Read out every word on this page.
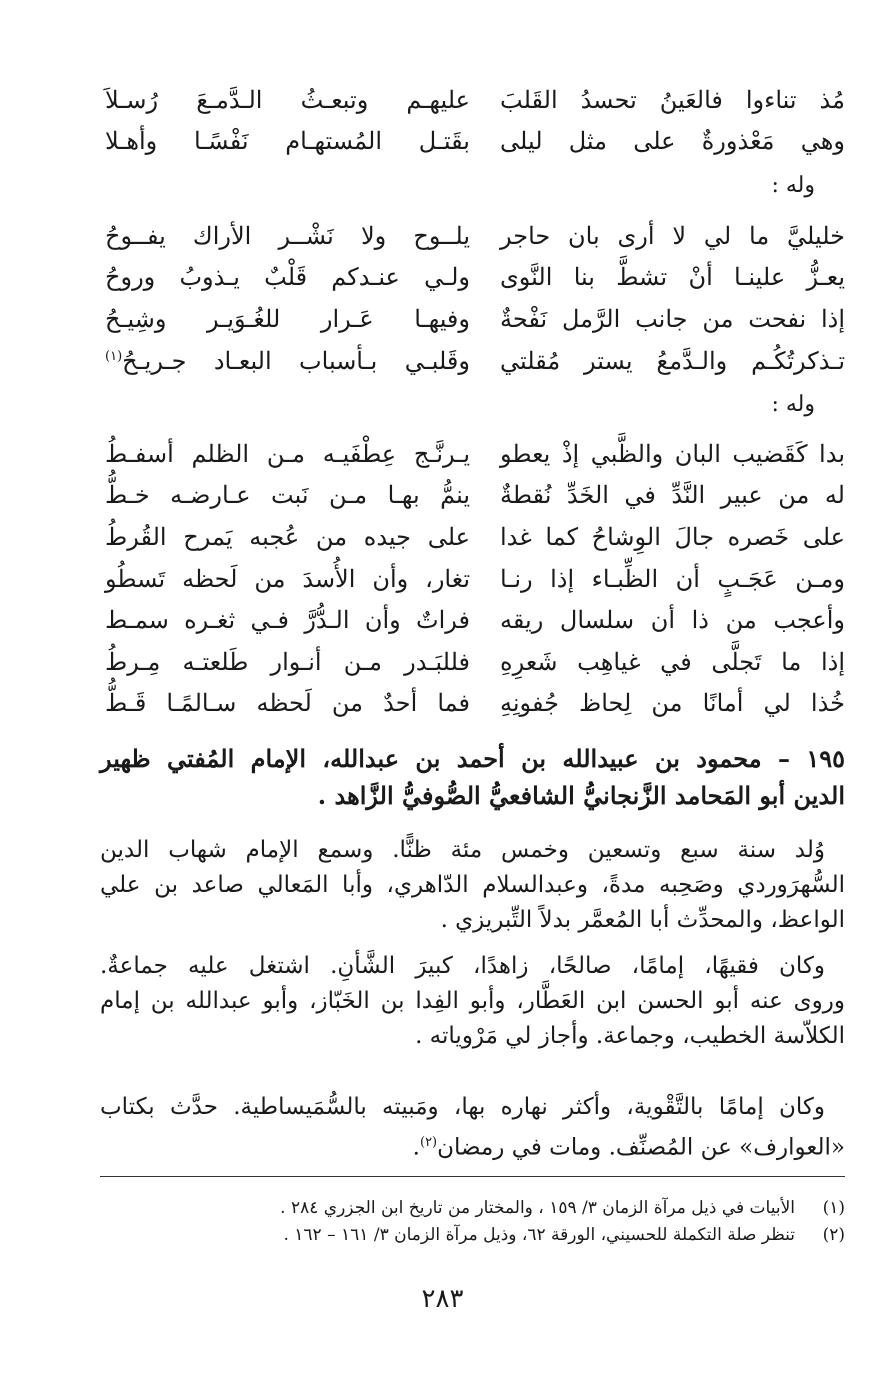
مُذ تناءوا فالعَينُ تحسدُ القَلبَ
عليهـم وتبعـثُ الـدَّمـعَ رُسـلاَ
وهي مَعْذورةٌ على مثل ليلى
بقَتـل المُستهـام نَفْسًـا وأهـلا
وله :
خليليَّ ما لي لا أرى بان حاجر
يلــوح ولا نَشْــر الأراك يفــوحُ
يعـزُّ علينـا أنْ تشطَّ بنا النَّوى
ولـي عنـدكم قَلْبٌ يـذوبُ وروحُ
إذا نفحت من جانب الرَّمل نَفْحةٌ
وفيهـا عَـرار للغُـوَيـر وشِيـحُ
تـذكرتُكُـم والـدَّمعُ يستر مُقلتي
وقَلبـي بـأسباب البعـاد جـريـحُ$^{(١)}$
وله :
بدا كَقَضيب البان والظَّبي إذْ يعطو
يـرنَّـج عِطْفَيـه مـن الظلم أسفـطُ
له من عبير النَّدِّ في الخَدِّ نُقطةٌ
ينمُّ بهـا مـن نَبت عـارضـه خـطُّ
على خَصره جالَ الوِشاحُ كما غدا
على جيده من عُجبه يَمرح القُرطُ
ومـن عَجَـبٍ أن الظِّبـاء إذا رنـا
تغار، وأن الأُسدَ من لَحظه تَسطُو
وأعجب من ذا أن سلسال ريقه
فراتٌ وأن الـدُّرَّ فـي ثغـره سمـط
إذا ما تَجلَّى في غياهِب شَعرِهِ
فللبَـدر مـن أنـوار طَلعتـه مِـرطُ
خُذا لي أمانًا من لِحاظ جُفونِهِ
فما أحدٌ من لَحظه سـالمًـا قَـطُّ
١٩٥ – محمود بن عبيدالله بن أحمد بن عبدالله، الإمام المُفتي ظهير
الدين أبو المَحامد الزَّنجانيُّ الشافعيُّ الصُّوفيُّ الزَّاهد .
وُلد سنة سبع وتسعين وخمس مئة ظنًّا. وسمع الإمام شهاب الدين
السُّهرَوردي وصَحِبه مدةً، وعبدالسلام الدّاهري، وأبا المَعالي صاعد بن علي
الواعظ، والمحدِّث أبا المُعمَّر بدلاً التِّبريزي .
وكان فقيهًا، إمامًا، صالحًا، زاهدًا، كبيرَ الشَّأنِ. اشتغل عليه جماعةٌ.
وروى عنه أبو الحسن ابن العَطَّار، وأبو الفِدا بن الخَبّاز، وأبو عبدالله بن إمام
الكلاّسة الخطيب، وجماعة. وأجاز لي مَرْوياته .
وكان إمامًا بالتَّقْوية، وأكثر نهاره بها، ومَبيته بالسُّمَيساطية. حدَّث بكتاب
«العوارف» عن المُصنِّف. ومات في رمضان$^{(٢)}$.
(١)الأبيات في ذيل مرآة الزمان ٣/ ١٥٩ ، والمختار من تاريخ ابن الجزري ٢٨٤ .
(٢)تنظر صلة التكملة للحسيني، الورقة ٦٢، وذيل مرآة الزمان ٣/ ١٦١ – ١٦٢ .
٢٨٣
